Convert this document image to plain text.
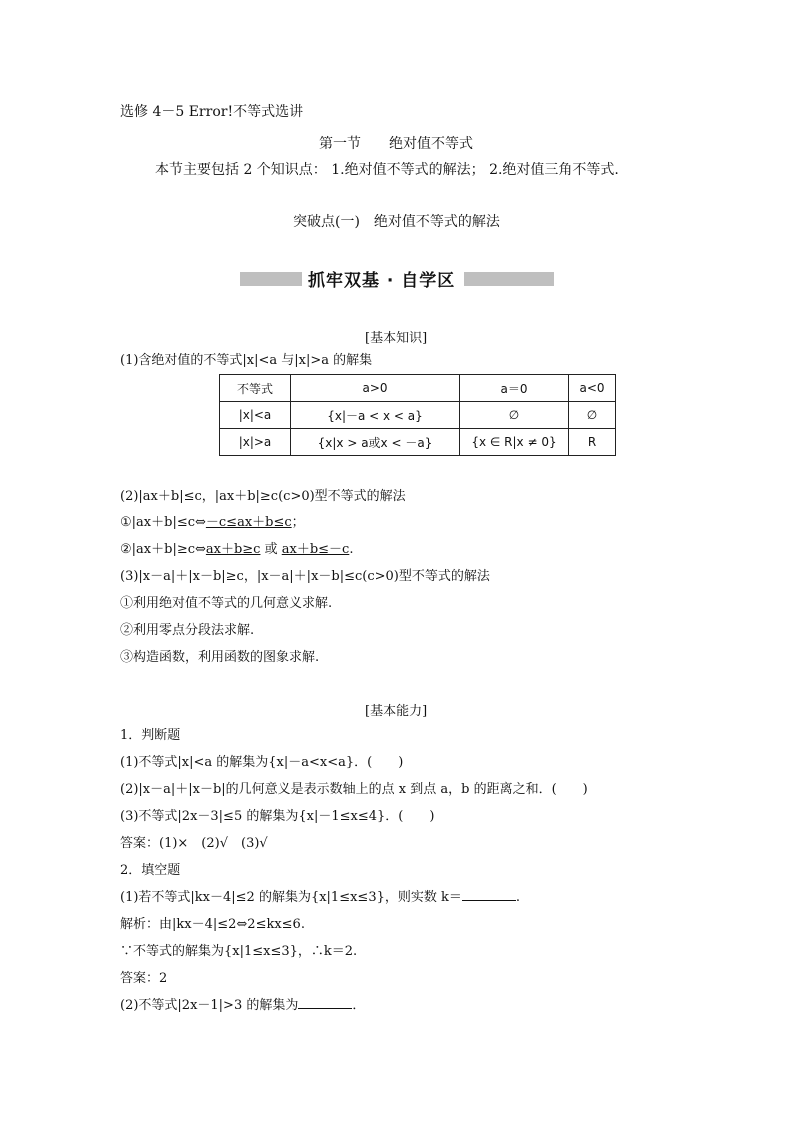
选修 4－5 Error!不等式选讲
第一节　　绝对值不等式
本节主要包括 2 个知识点： 1.绝对值不等式的解法； 2.绝对值三角不等式.
突破点(一)　绝对值不等式的解法
抓牢双基 · 自学区
[基本知识]
(1)含绝对值的不等式|x|<a 与|x|>a 的解集
不等式	a>0	a＝0	a<0
|x|<a	{x|－a < x < a}	∅	∅
|x|>a	{x|x > a或x < －a}	{x ∈ R|x ≠ 0}	R
(2)|ax＋b|≤c，|ax＋b|≥c(c>0)型不等式的解法
①|ax＋b|≤c⇔－c≤ax＋b≤c；
②|ax＋b|≥c⇔ax＋b≥c 或 ax＋b≤－c.
(3)|x－a|＋|x－b|≥c，|x－a|＋|x－b|≤c(c>0)型不等式的解法
①利用绝对值不等式的几何意义求解.
②利用零点分段法求解.
③构造函数，利用函数的图象求解.
[基本能力]
1．判断题
(1)不等式|x|<a 的解集为{x|－a<x<a}．(　　)
(2)|x－a|＋|x－b|的几何意义是表示数轴上的点 x 到点 a，b 的距离之和．(　　)
(3)不等式|2x－3|≤5 的解集为{x|－1≤x≤4}．(　　)
答案：(1)×　(2)√　(3)√
2．填空题
(1)若不等式|kx－4|≤2 的解集为{x|1≤x≤3}，则实数 k＝	.
解析：由|kx－4|≤2⇔2≤kx≤6.
∵不等式的解集为{x|1≤x≤3}，∴k＝2.
答案：2
(2)不等式|2x－1|>3 的解集为	．
